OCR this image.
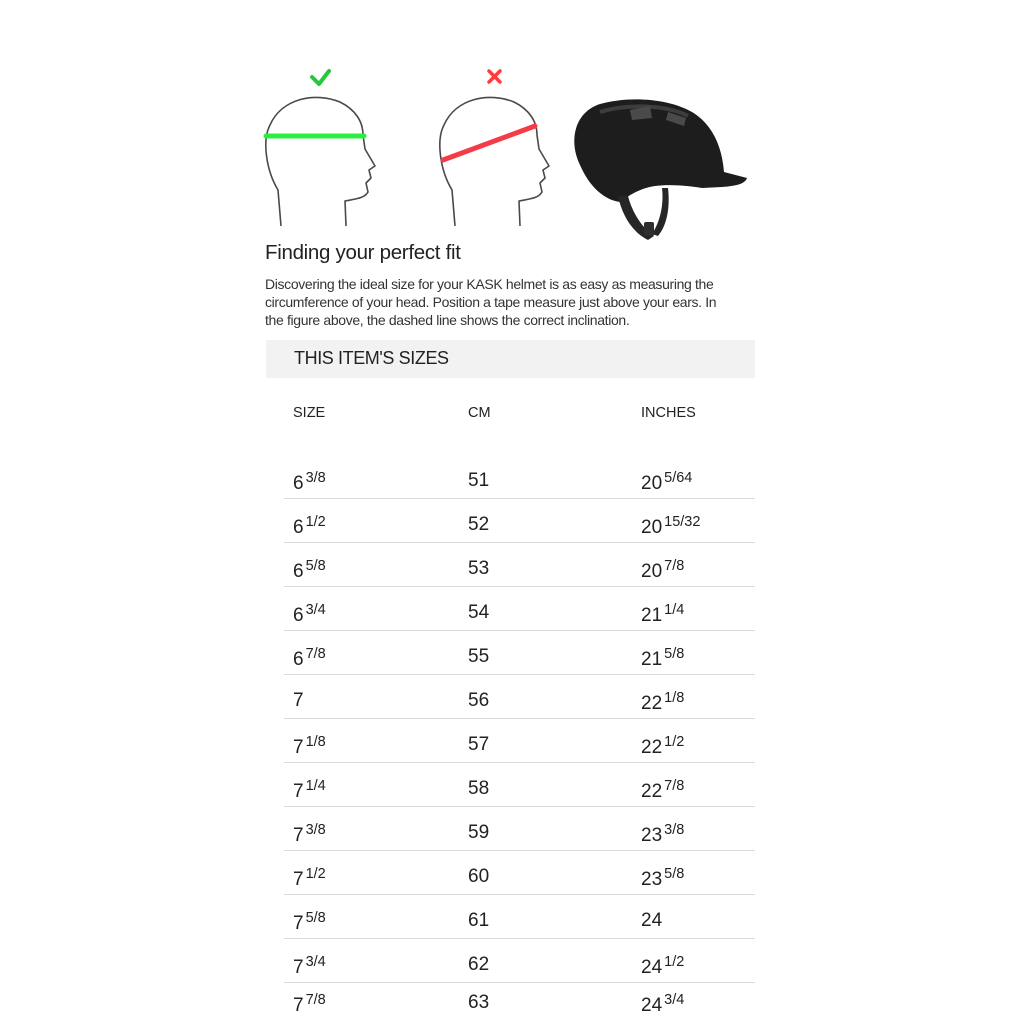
Finding your perfect fit
Discovering the ideal size for your KASK helmet is as easy as measuring the
circumference of your head. Position a tape measure just above your ears. In
the figure above, the dashed line shows the correct inclination.
THIS ITEM'S SIZES
SIZE	CM	INCHES
6 3/8	51	20 5/64
6 1/2	52	20 15/32
6 5/8	53	20 7/8
6 3/4	54	21 1/4
6 7/8	55	21 5/8
7	56	22 1/8
7 1/8	57	22 1/2
7 1/4	58	22 7/8
7 3/8	59	23 3/8
7 1/2	60	23 5/8
7 5/8	61	24
7 3/4	62	24 1/2
7 7/8	63	24 3/4
